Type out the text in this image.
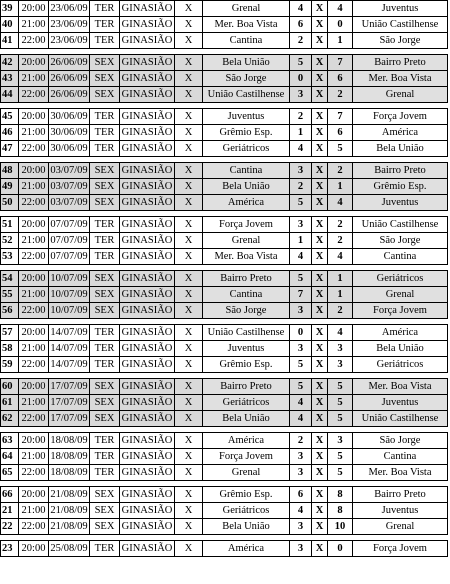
39 20:00 23/06/09 TER GINASIÃO	X	Grenal	4	X	4	Juventus
40 21:00 23/06/09 TER GINASIÃO	X	Mer. Boa Vista	6	X	0	União Castilhense
41 22:00 23/06/09 TER GINASIÃO	X	Cantina	2	X	1	São Jorge
42 20:00 26/06/09 SEX GINASIÃO	X	Bela União	5	X	7	Bairro Preto
43 21:00 26/06/09 SEX GINASIÃO	X	São Jorge	0	X	6	Mer. Boa Vista
44 22:00 26/06/09 SEX GINASIÃO	X	União Castilhense	3	X	2	Grenal
45 20:00 30/06/09 TER GINASIÃO	X	Juventus	2	X	7	Força Jovem
46 21:00 30/06/09 TER GINASIÃO	X	Grêmio Esp.	1	X	6	América
47 22:00 30/06/09 TER GINASIÃO	X	Geriátricos	4	X	5	Bela União
48 20:00 03/07/09 SEX GINASIÃO	X	Cantina	3	X	2	Bairro Preto
49 21:00 03/07/09 SEX GINASIÃO	X	Bela União	2	X	1	Grêmio Esp.
50 22:00 03/07/09 SEX GINASIÃO	X	América	5	X	4	Juventus
51 20:00 07/07/09 TER GINASIÃO	X	Força Jovem	3	X	2	União Castilhense
52 21:00 07/07/09 TER GINASIÃO	X	Grenal	1	X	2	São Jorge
53 22:00 07/07/09 TER GINASIÃO	X	Mer. Boa Vista	4	X	4	Cantina
54 20:00 10/07/09 SEX GINASIÃO	X	Bairro Preto	5	X	1	Geriátricos
55 21:00 10/07/09 SEX GINASIÃO	X	Cantina	7	X	1	Grenal
56 22:00 10/07/09 SEX GINASIÃO	X	São Jorge	3	X	2	Força Jovem
57 20:00 14/07/09 TER GINASIÃO	X	União Castilhense	0	X	4	América
58 21:00 14/07/09 TER GINASIÃO	X	Juventus	3	X	3	Bela União
59 22:00 14/07/09 TER GINASIÃO	X	Grêmio Esp.	5	X	3	Geriátricos
60 20:00 17/07/09 SEX GINASIÃO	X	Bairro Preto	5	X	5	Mer. Boa Vista
61 21:00 17/07/09 SEX GINASIÃO	X	Geriátricos	4	X	5	Juventus
62 22:00 17/07/09 SEX GINASIÃO	X	Bela União	4	X	5	União Castilhense
63 20:00 18/08/09 TER GINASIÃO	X	América	2	X	3	São Jorge
64 21:00 18/08/09 TER GINASIÃO	X	Força Jovem	3	X	5	Cantina
65 22:00 18/08/09 TER GINASIÃO	X	Grenal	3	X	5	Mer. Boa Vista
66 20:00 21/08/09 SEX GINASIÃO	X	Grêmio Esp.	6	X	8	Bairro Preto
21 21:00 21/08/09 SEX GINASIÃO	X	Geriátricos	4	X	8	Juventus
22 22:00 21/08/09 SEX GINASIÃO	X	Bela União	3	X	10	Grenal
23 20:00 25/08/09 TER GINASIÃO	X	América	3	X	0	Força Jovem
